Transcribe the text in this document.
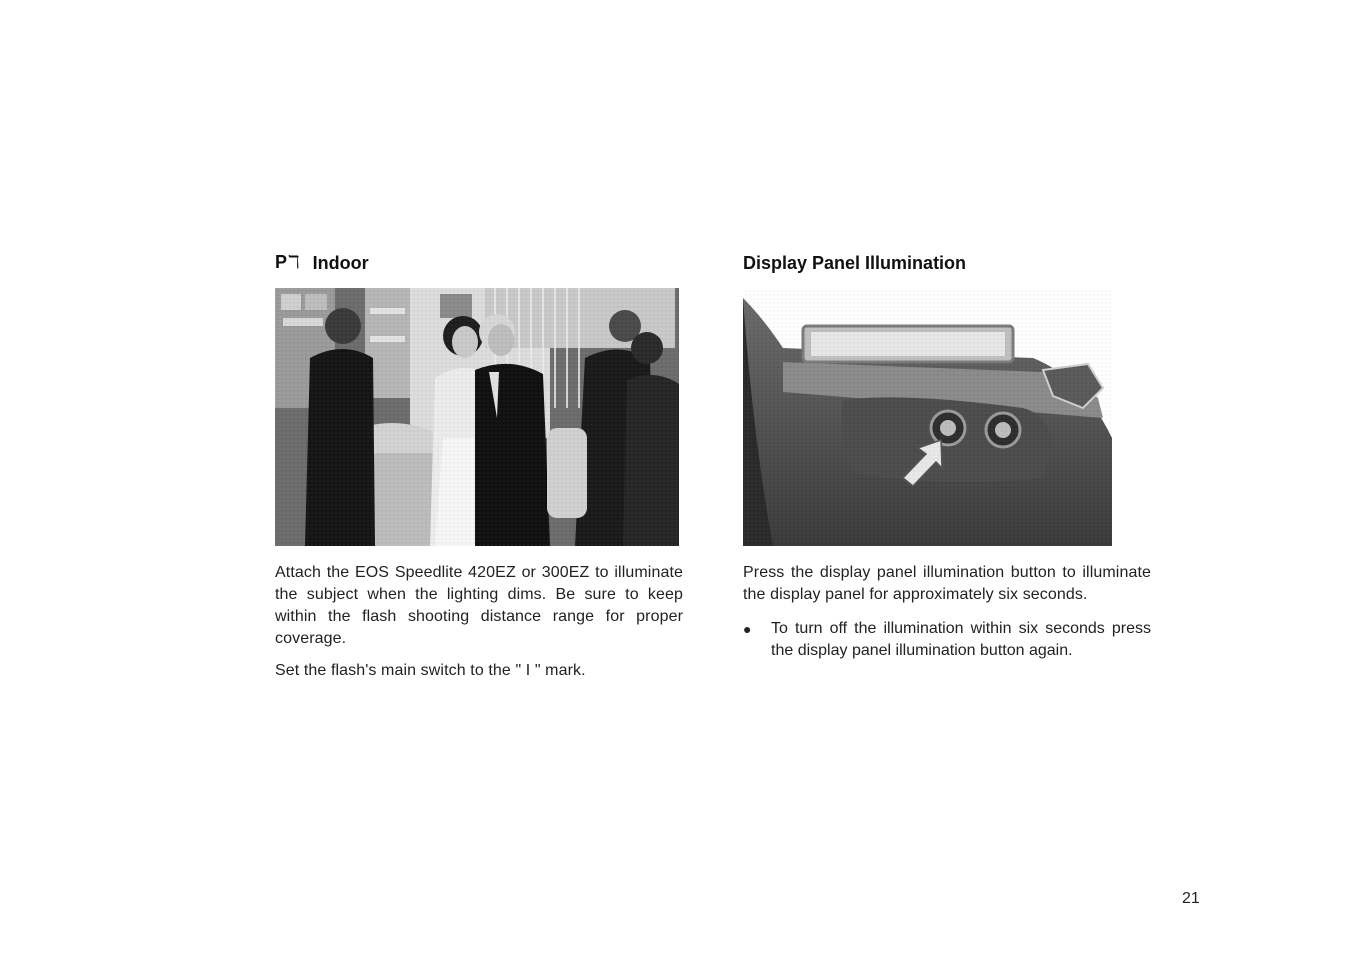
Pℸ Indoor

Attach the EOS Speedlite 420EZ or 300EZ to illuminate the subject when the lighting dims. Be sure to keep within the flash shooting distance range for proper coverage.

Set the flash's main switch to the " I " mark.

Display Panel Illumination

Press the display panel illumination button to illuminate the display panel for approximately six seconds.

●	To turn off the illumination within six seconds press the display panel illumination button again.
21
